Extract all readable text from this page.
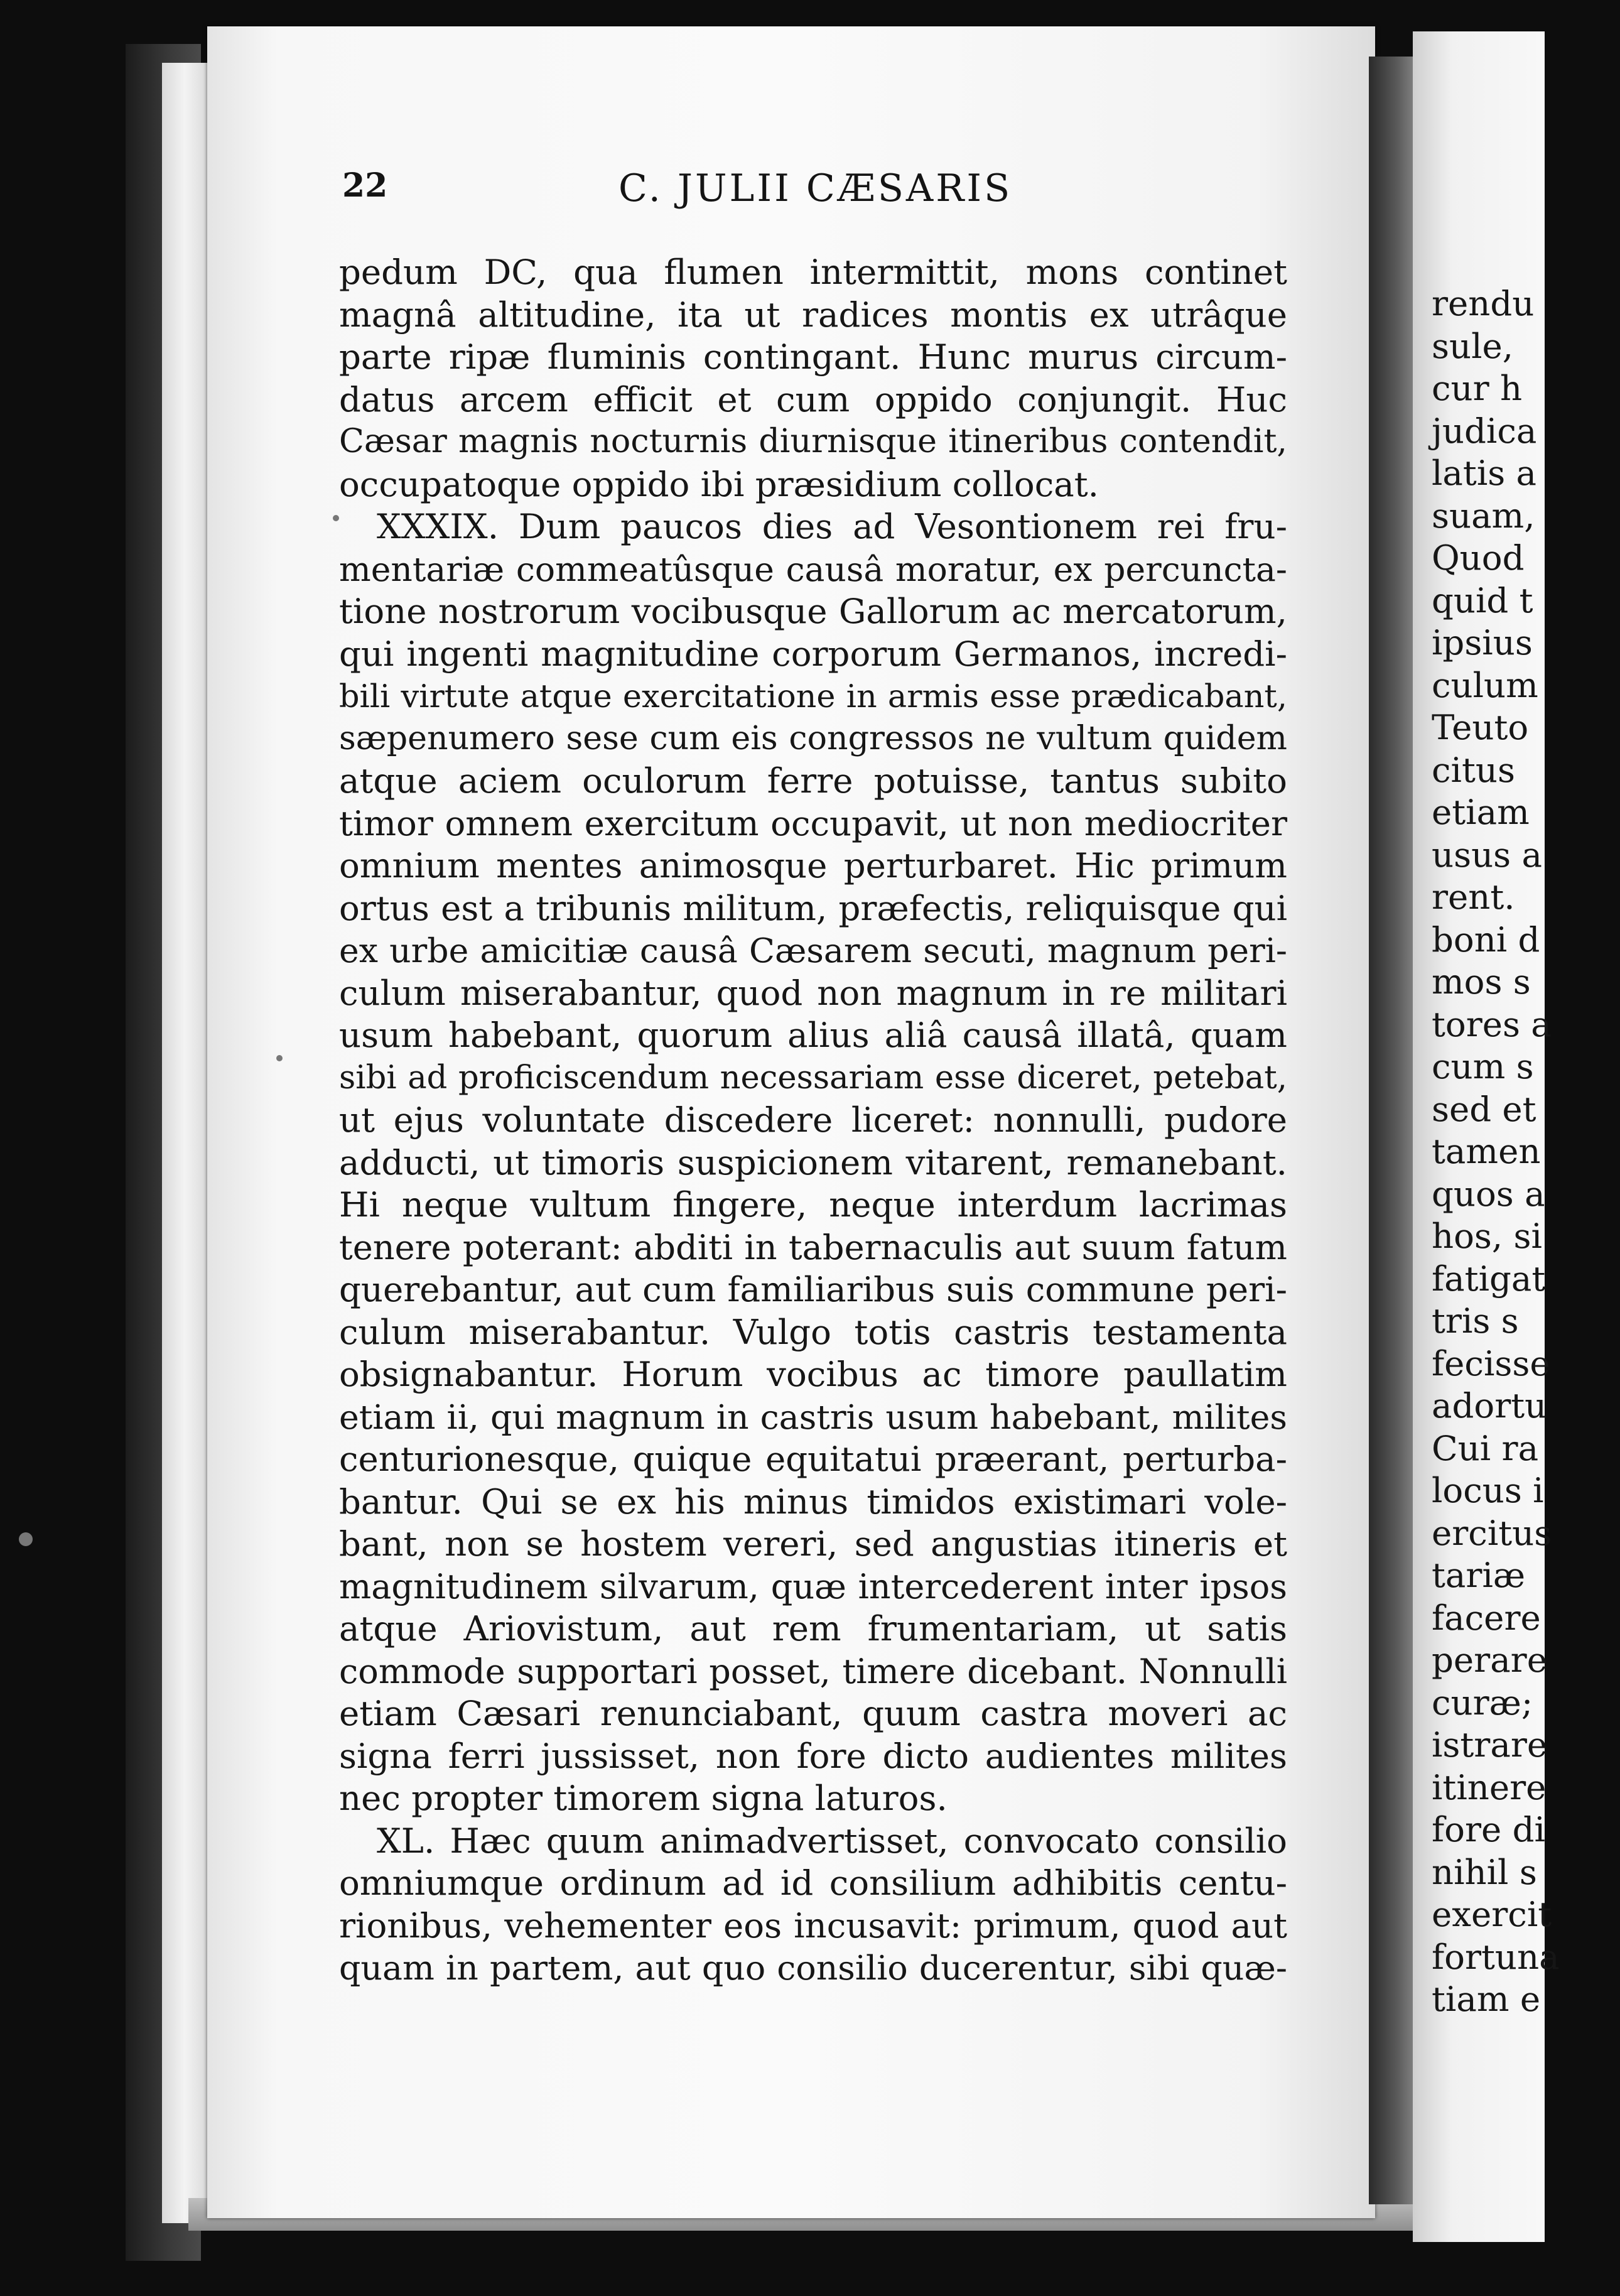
22	C. JULII CÆSARIS
pedum DC, qua flumen intermittit, mons continet
magnâ altitudine, ita ut radices montis ex utrâque
parte ripæ fluminis contingant. Hunc murus circum-
datus arcem efficit et cum oppido conjungit. Huc
Cæsar magnis nocturnis diurnisque itineribus contendit,
occupatoque oppido ibi præsidium collocat.
XXXIX. Dum paucos dies ad Vesontionem rei fru-
mentariæ commeatûsque causâ moratur, ex percuncta-
tione nostrorum vocibusque Gallorum ac mercatorum,
qui ingenti magnitudine corporum Germanos, incredi-
bili virtute atque exercitatione in armis esse prædicabant,
sæpenumero sese cum eis congressos ne vultum quidem
atque aciem oculorum ferre potuisse, tantus subito
timor omnem exercitum occupavit, ut non mediocriter
omnium mentes animosque perturbaret. Hic primum
ortus est a tribunis militum, præfectis, reliquisque qui
ex urbe amicitiæ causâ Cæsarem secuti, magnum peri-
culum miserabantur, quod non magnum in re militari
usum habebant, quorum alius aliâ causâ illatâ, quam
sibi ad proficiscendum necessariam esse diceret, petebat,
ut ejus voluntate discedere liceret: nonnulli, pudore
adducti, ut timoris suspicionem vitarent, remanebant.
Hi neque vultum fingere, neque interdum lacrimas
tenere poterant: abditi in tabernaculis aut suum fatum
querebantur, aut cum familiaribus suis commune peri-
culum miserabantur. Vulgo totis castris testamenta
obsignabantur. Horum vocibus ac timore paullatim
etiam ii, qui magnum in castris usum habebant, milites
centurionesque, quique equitatui præerant, perturba-
bantur. Qui se ex his minus timidos existimari vole-
bant, non se hostem vereri, sed angustias itineris et
magnitudinem silvarum, quæ intercederent inter ipsos
atque Ariovistum, aut rem frumentariam, ut satis
commode supportari posset, timere dicebant. Nonnulli
etiam Cæsari renunciabant, quum castra moveri ac
signa ferri jussisset, non fore dicto audientes milites
nec propter timorem signa laturos.
XL. Hæc quum animadvertisset, convocato consilio
omniumque ordinum ad id consilium adhibitis centu-
rionibus, vehementer eos incusavit: primum, quod aut
quam in partem, aut quo consilio ducerentur, sibi quæ-
rendu
sule,
cur h
judica
latis a
suam,
Quod
quid t
ipsius
culum
Teuto
citus
etiam
usus a
rent.
boni d
mos s
tores a
cum s
sed et
tamen
quos a
hos, si
fatigat
tris s
fecisse
adortu
Cui ra
locus i
ercitus
tariæ
facere
perare
curæ;
istrare
itinere
fore di
nihil s
exercit
fortuna
tiam e
